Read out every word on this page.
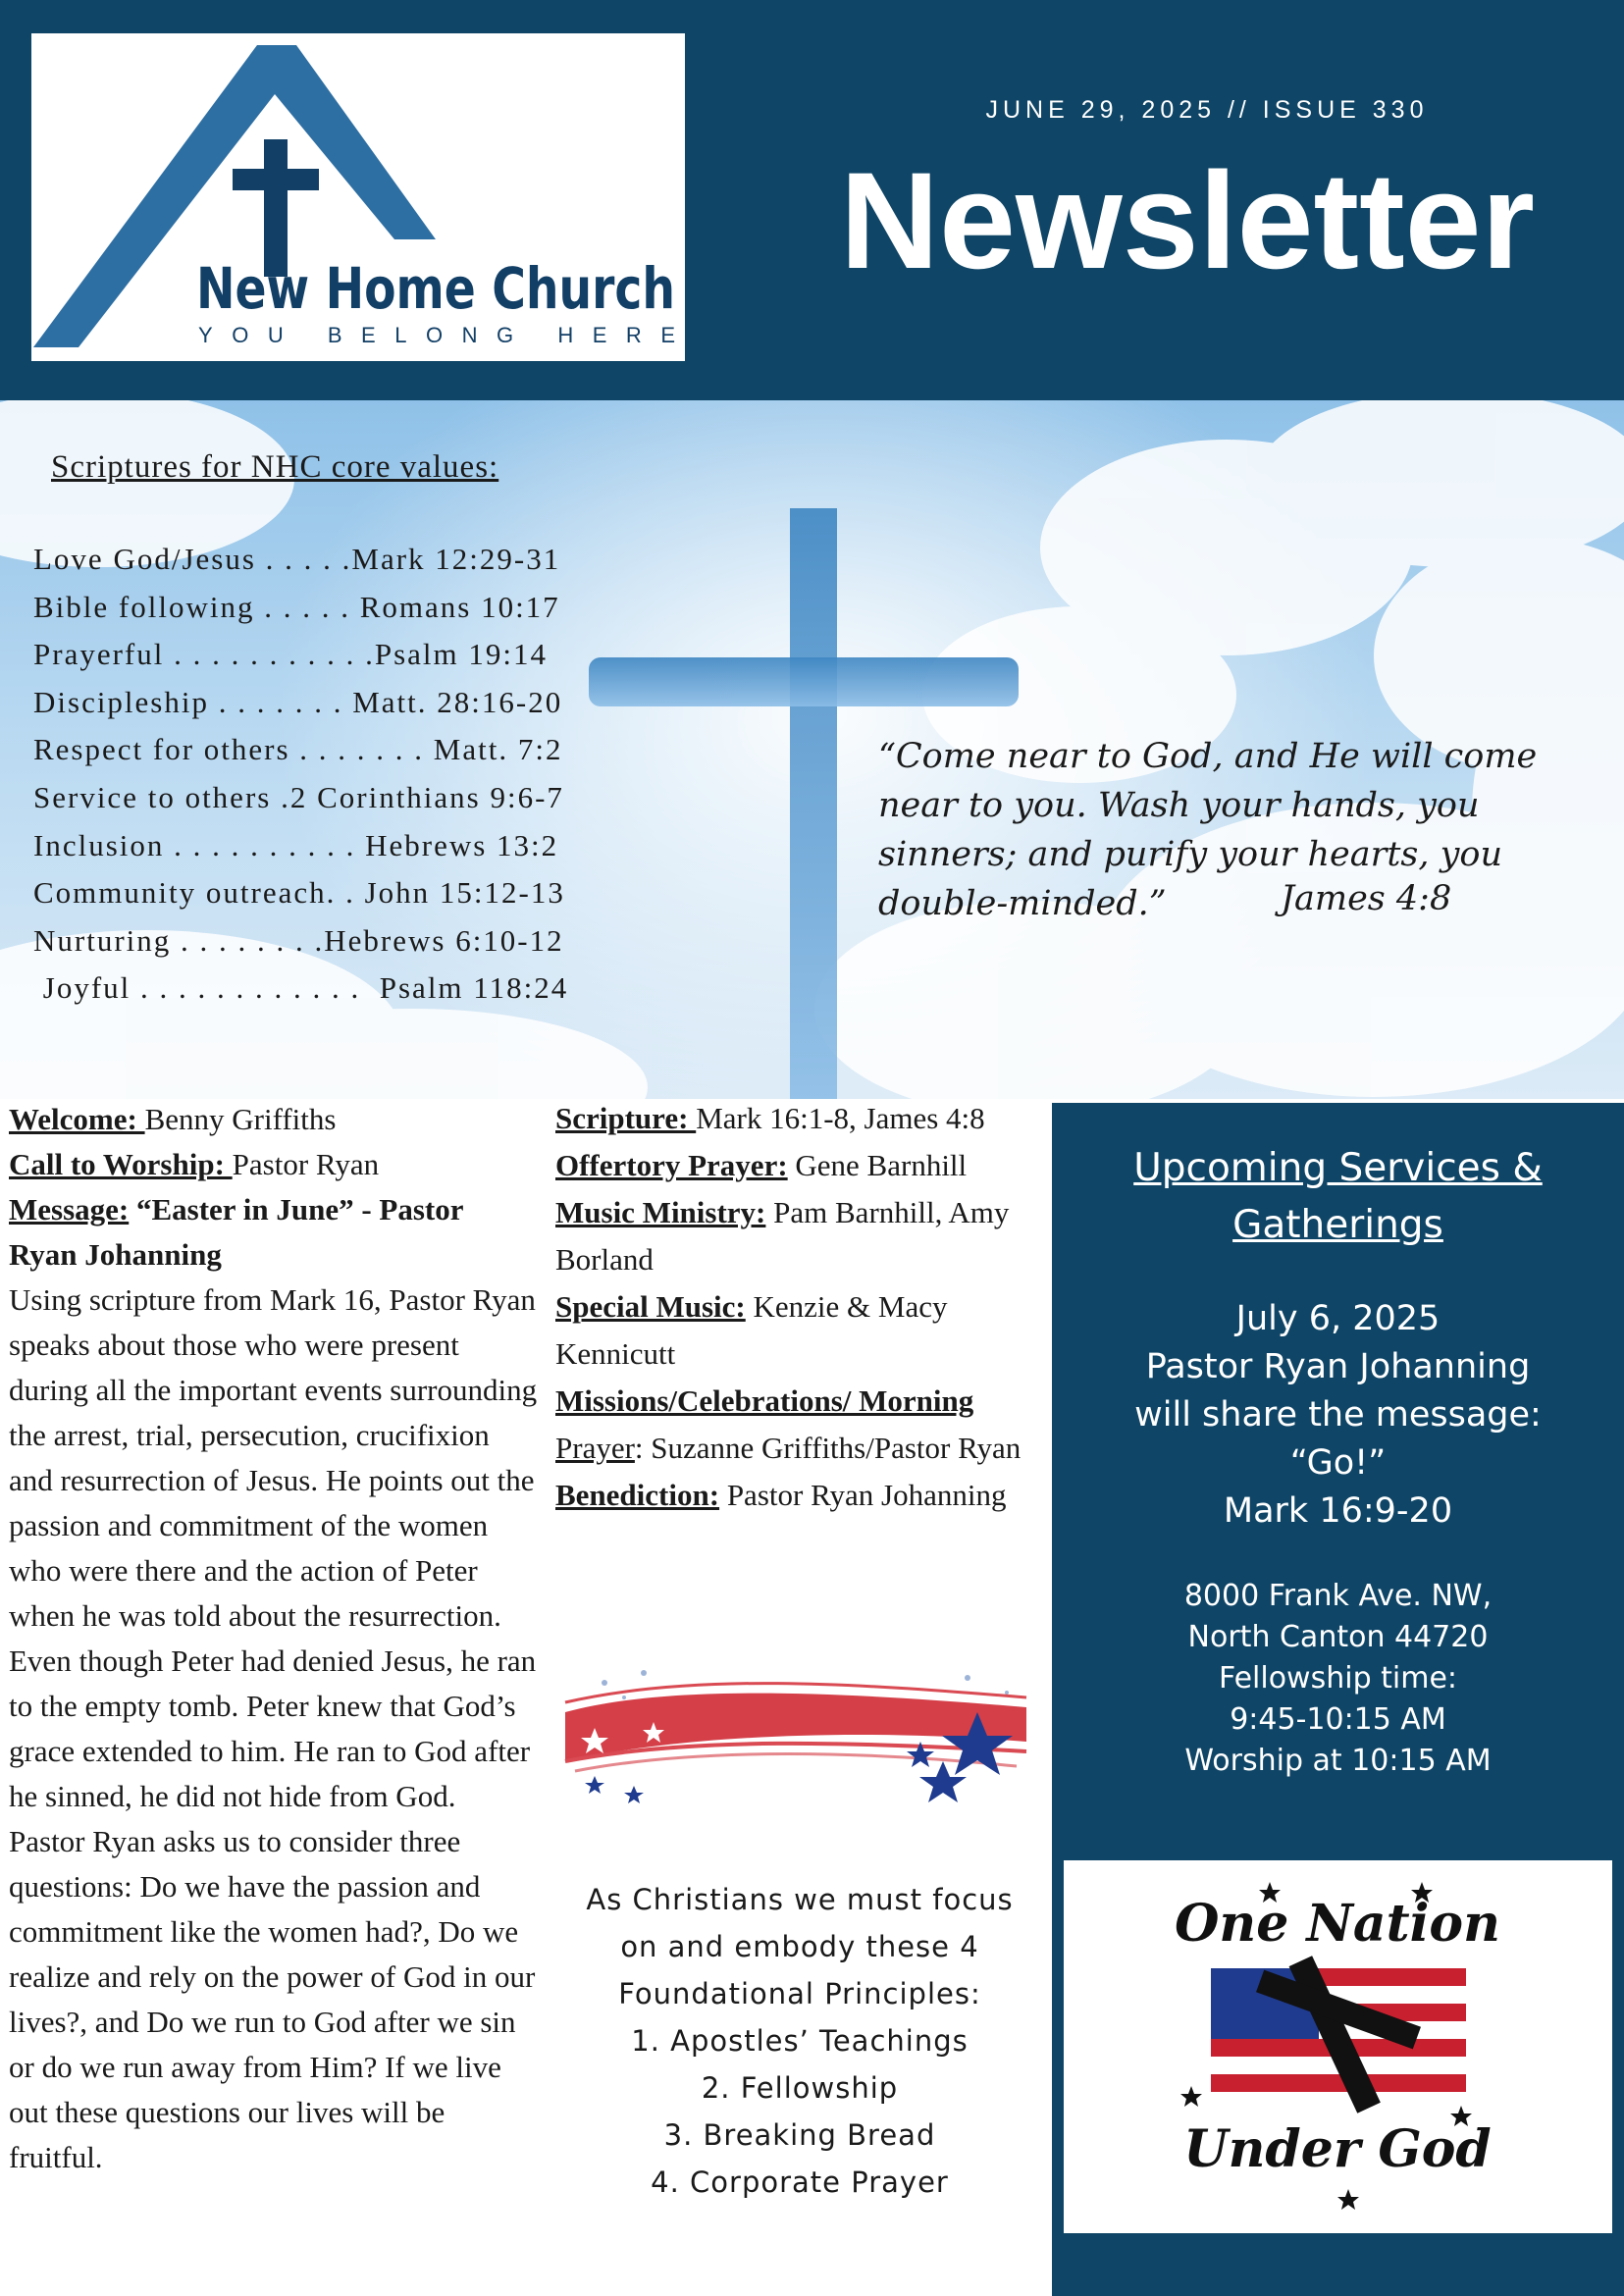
New Home Church
YOU BELONG HERE
JUNE 29, 2025 // ISSUE 330
Newsletter
Scriptures for NHC core values:
Love God/Jesus . . . . .Mark 12:29-31
Bible following . . . . . Romans 10:17
Prayerful . . . . . . . . . . .Psalm 19:14
Discipleship . . . . . . . Matt. 28:16-20
Respect for others . . . . . . . Matt. 7:2
Service to others .2 Corinthians 9:6-7
Inclusion . . . . . . . . . . Hebrews 13:2
Community outreach. . John 15:12-13
Nurturing . . . . . . . .Hebrews 6:10-12
Joyful . . . . . . . . . . . .  Psalm 118:24
“Come near to God, and He will come near to you. Wash your hands, you sinners; and purify your hearts, you double-minded.”	James 4:8

Welcome: Benny Griffiths

Call to Worship: Pastor Ryan

Message: “Easter in June” - Pastor Ryan Johanning

Using scripture from Mark 16, Pastor Ryan speaks about those who were present during all the important events surrounding the arrest, trial, persecution, crucifixion and resurrection of Jesus. He points out the passion and commitment of the women who were there and the action of Peter when he was told about the resurrection. Even though Peter had denied Jesus, he ran to the empty tomb. Peter knew that God’s grace extended to him. He ran to God after he sinned, he did not hide from God. Pastor Ryan asks us to consider three questions: Do we have the passion and commitment like the women had?, Do we realize and rely on the power of God in our lives?, and Do we run to God after we sin or do we run away from Him? If we live out these questions our lives will be fruitful.

Scripture: Mark 16:1-8, James 4:8

Offertory Prayer: Gene Barnhill

Music Ministry: Pam Barnhill, Amy Borland

Special Music: Kenzie & Macy Kennicutt

Missions/Celebrations/ Morning
Prayer: Suzanne Griffiths/Pastor Ryan

Benediction: Pastor Ryan Johanning

As Christians we must focus
on and embody these 4
Foundational Principles:
1. Apostles’ Teachings
2. Fellowship
3. Breaking Bread
4. Corporate Prayer
Upcoming Services &
Gatherings
July 6, 2025
Pastor Ryan Johanning
will share the message:
“Go!”
Mark 16:9-20
8000 Frank Ave. NW,
North Canton 44720
Fellowship time:
9:45-10:15 AM
Worship at 10:15 AM
One Nation
Under God
